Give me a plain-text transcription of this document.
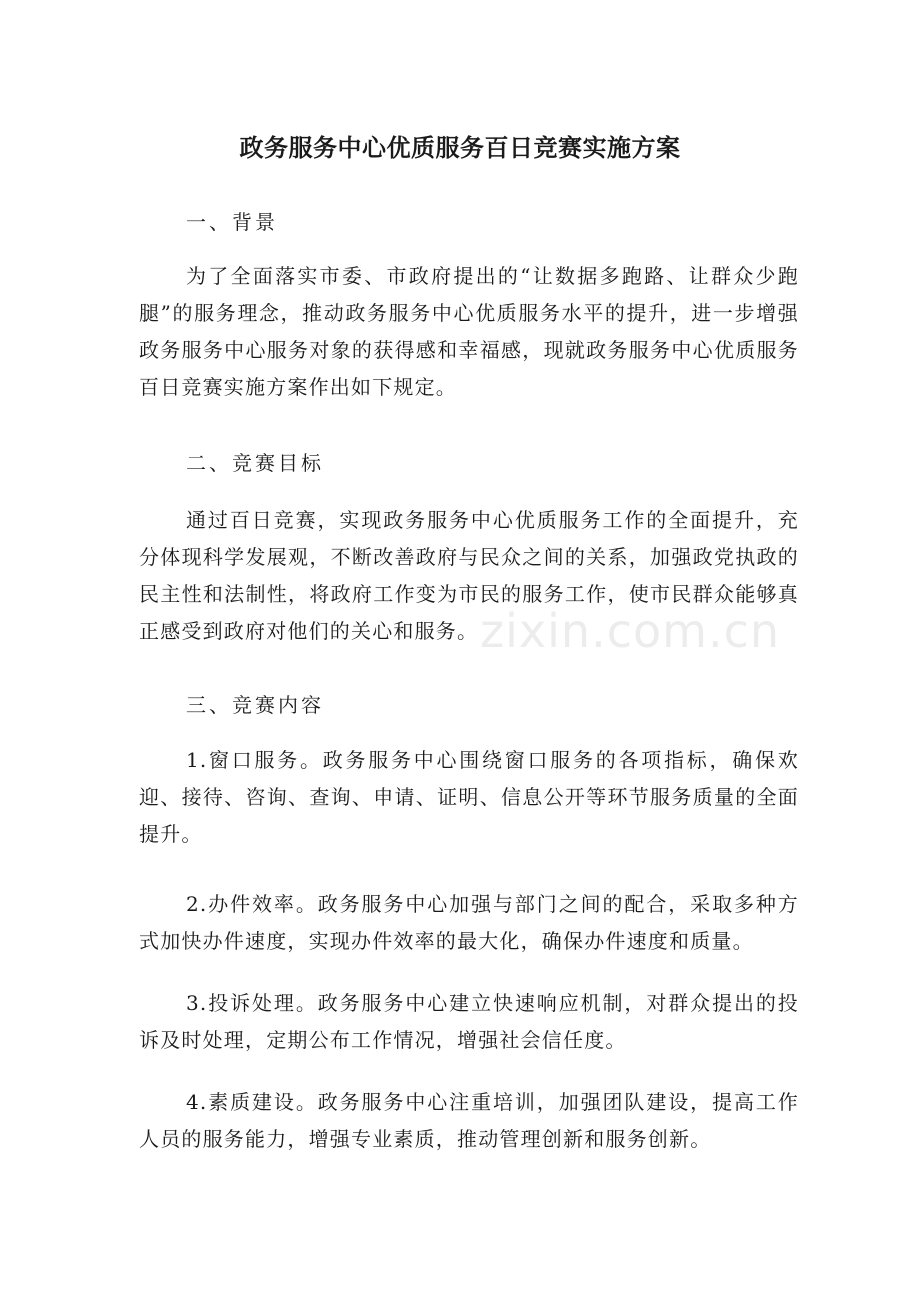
政务服务中心优质服务百日竞赛实施方案
一、背景
为了全面落实市委、市政府提出的“让数据多跑路、让群众少跑腿”的服务理念，推动政务服务中心优质服务水平的提升，进一步增强政务服务中心服务对象的获得感和幸福感，现就政务服务中心优质服务百日竞赛实施方案作出如下规定。
二、竞赛目标
通过百日竞赛，实现政务服务中心优质服务工作的全面提升，充分体现科学发展观，不断改善政府与民众之间的关系，加强政党执政的民主性和法制性，将政府工作变为市民的服务工作，使市民群众能够真正感受到政府对他们的关心和服务。
三、竞赛内容
1.窗口服务。政务服务中心围绕窗口服务的各项指标，确保欢迎、接待、咨询、查询、申请、证明、信息公开等环节服务质量的全面提升。
2.办件效率。政务服务中心加强与部门之间的配合，采取多种方式加快办件速度，实现办件效率的最大化，确保办件速度和质量。
3.投诉处理。政务服务中心建立快速响应机制，对群众提出的投诉及时处理，定期公布工作情况，增强社会信任度。
4.素质建设。政务服务中心注重培训，加强团队建设，提高工作人员的服务能力，增强专业素质，推动管理创新和服务创新。
zixin.com.cn
